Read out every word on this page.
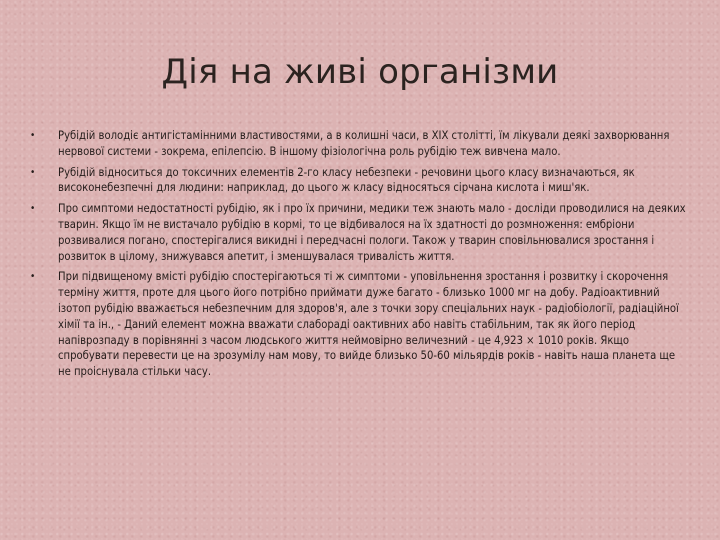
Дія на живі організми
• Рубідій володіє антигістамінними властивостями, а в колишні часи, в XIX столітті, їм лікували деякі захворювання нервової системи - зокрема, епілепсію. В іншому фізіологічна роль рубідію теж вивчена мало.
• Рубідій відноситься до токсичних елементів 2-го класу небезпеки - речовини цього класу визначаються, як високонебезпечні для людини: наприклад, до цього ж класу відносяться сірчана кислота і миш'як.
• Про симптоми недостатності рубідію, як і про їх причини, медики теж знають мало - досліди проводилися на деяких тварин. Якщо їм не вистачало рубідію в кормі, то це відбивалося на їх здатності до розмноження: ембріони розвивалися погано, спостерігалися викидні і передчасні пологи. Також у тварин сповільнювалися зростання і розвиток в цілому, знижувався апетит, і зменшувалася тривалість життя.
• При підвищеному вмісті рубідію спостерігаються ті ж симптоми - уповільнення зростання і розвитку і скорочення терміну життя, проте для цього його потрібно приймати дуже багато - близько 1000 мг на добу. Радіоактивний ізотоп рубідію вважається небезпечним для здоров'я, але з точки зору спеціальних наук - радіобіології, радіаційної хімії та ін., - Даний елемент можна вважати слабораді оактивних або навіть стабільним, так як його період напіврозпаду в порівнянні з часом людського життя неймовірно величезний - це 4,923 × 1010 років. Якщо спробувати перевести це на зрозумілу нам мову, то вийде близько 50-60 мільярдів років - навіть наша планета ще не проіснувала стільки часу.
